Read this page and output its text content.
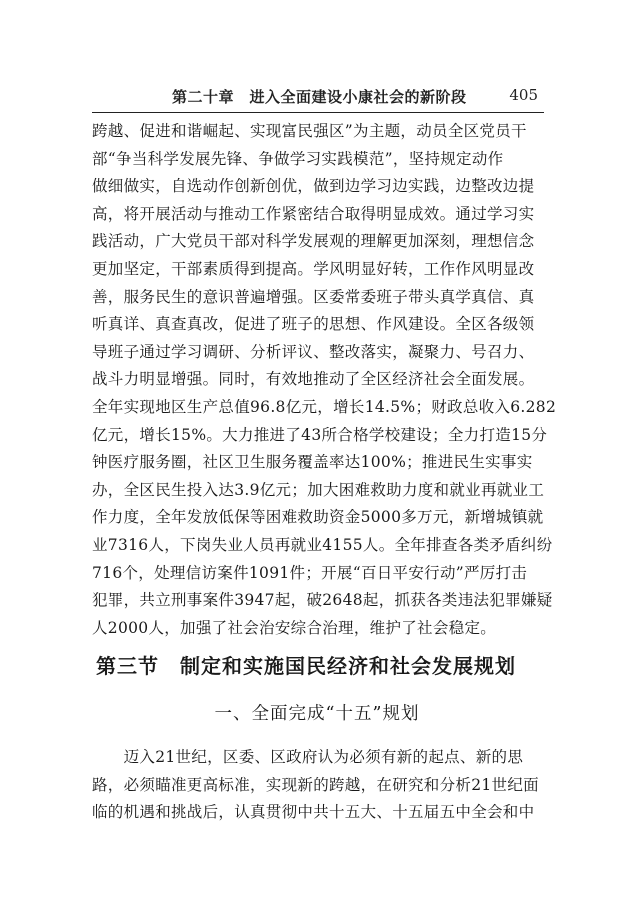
第二十章　进入全面建设小康社会的新阶段	405
跨越、促进和谐崛起、实现富民强区”为主题，动员全区党员干
部“争当科学发展先锋、争做学习实践模范”，坚持规定动作
做细做实，自选动作创新创优，做到边学习边实践，边整改边提
高，将开展活动与推动工作紧密结合取得明显成效。通过学习实
践活动，广大党员干部对科学发展观的理解更加深刻，理想信念
更加坚定，干部素质得到提高。学风明显好转，工作作风明显改
善，服务民生的意识普遍增强。区委常委班子带头真学真信、真
听真详、真查真改，促进了班子的思想、作风建设。全区各级领
导班子通过学习调研、分析评议、整改落实，凝聚力、号召力、
战斗力明显增强。同时，有效地推动了全区经济社会全面发展。
全年实现地区生产总值96.8亿元，增长14.5%；财政总收入6.282
亿元，增长15%。大力推进了43所合格学校建设；全力打造15分
钟医疗服务圈，社区卫生服务覆盖率达100%；推进民生实事实
办，全区民生投入达3.9亿元；加大困难救助力度和就业再就业工
作力度，全年发放低保等困难救助资金5000多万元，新增城镇就
业7316人，下岗失业人员再就业4155人。全年排查各类矛盾纠纷
716个，处理信访案件1091件；开展“百日平安行动”严厉打击
犯罪，共立刑事案件3947起，破2648起，抓获各类违法犯罪嫌疑
人2000人，加强了社会治安综合治理，维护了社会稳定。
第三节　制定和实施国民经济和社会发展规划
一、全面完成“十五”规划
　　迈入21世纪，区委、区政府认为必须有新的起点、新的思
路，必须瞄准更高标准，实现新的跨越，在研究和分析21世纪面
临的机遇和挑战后，认真贯彻中共十五大、十五届五中全会和中
